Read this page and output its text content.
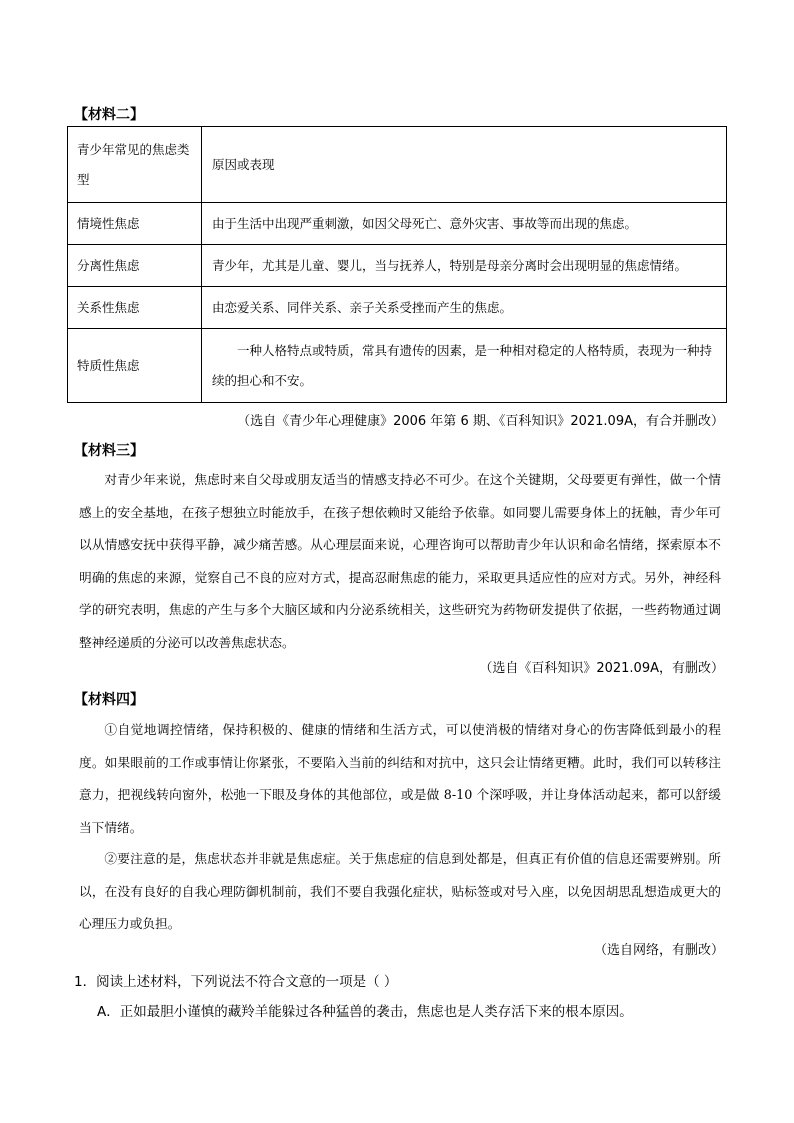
【材料二】
青少年常见的焦虑类型	原因或表现
情境性焦虑	由于生活中出现严重刺激，如因父母死亡、意外灾害、事故等而出现的焦虑。
分离性焦虑	青少年，尤其是儿童、婴儿，当与抚养人，特别是母亲分离时会出现明显的焦虑情绪。
关系性焦虑	由恋爱关系、同伴关系、亲子关系受挫而产生的焦虑。
特质性焦虑	一种人格特点或特质，常具有遗传的因素，是一种相对稳定的人格特质，表现为一种持续的担心和不安。
（选自《青少年心理健康》2006 年第 6 期、《百科知识》2021.09A，有合并删改）
【材料三】

对青少年来说，焦虑时来自父母或朋友适当的情感支持必不可少。在这个关键期，父母要更有弹性，做一个情感上的安全基地，在孩子想独立时能放手，在孩子想依赖时又能给予依靠。如同婴儿需要身体上的抚触，青少年可以从情感安抚中获得平静，减少痛苦感。从心理层面来说，心理咨询可以帮助青少年认识和命名情绪，探索原本不明确的焦虑的来源，觉察自己不良的应对方式，提高忍耐焦虑的能力，采取更具适应性的应对方式。另外，神经科学的研究表明，焦虑的产生与多个大脑区域和内分泌系统相关，这些研究为药物研发提供了依据，一些药物通过调整神经递质的分泌可以改善焦虑状态。

（选自《百科知识》2021.09A，有删改）
【材料四】

①自觉地调控情绪，保持积极的、健康的情绪和生活方式，可以使消极的情绪对身心的伤害降低到最小的程度。如果眼前的工作或事情让你紧张，不要陷入当前的纠结和对抗中，这只会让情绪更糟。此时，我们可以转移注意力，把视线转向窗外，松弛一下眼及身体的其他部位，或是做 8-10 个深呼吸，并让身体活动起来，都可以舒缓当下情绪。

②要注意的是，焦虑状态并非就是焦虑症。关于焦虑症的信息到处都是，但真正有价值的信息还需要辨别。所以，在没有良好的自我心理防御机制前，我们不要自我强化症状，贴标签或对号入座，以免因胡思乱想造成更大的心理压力或负担。

（选自网络，有删改）
1．阅读上述材料，下列说法不符合文意的一项是（ ）
A．正如最胆小谨慎的藏羚羊能躲过各种猛兽的袭击，焦虑也是人类存活下来的根本原因。
